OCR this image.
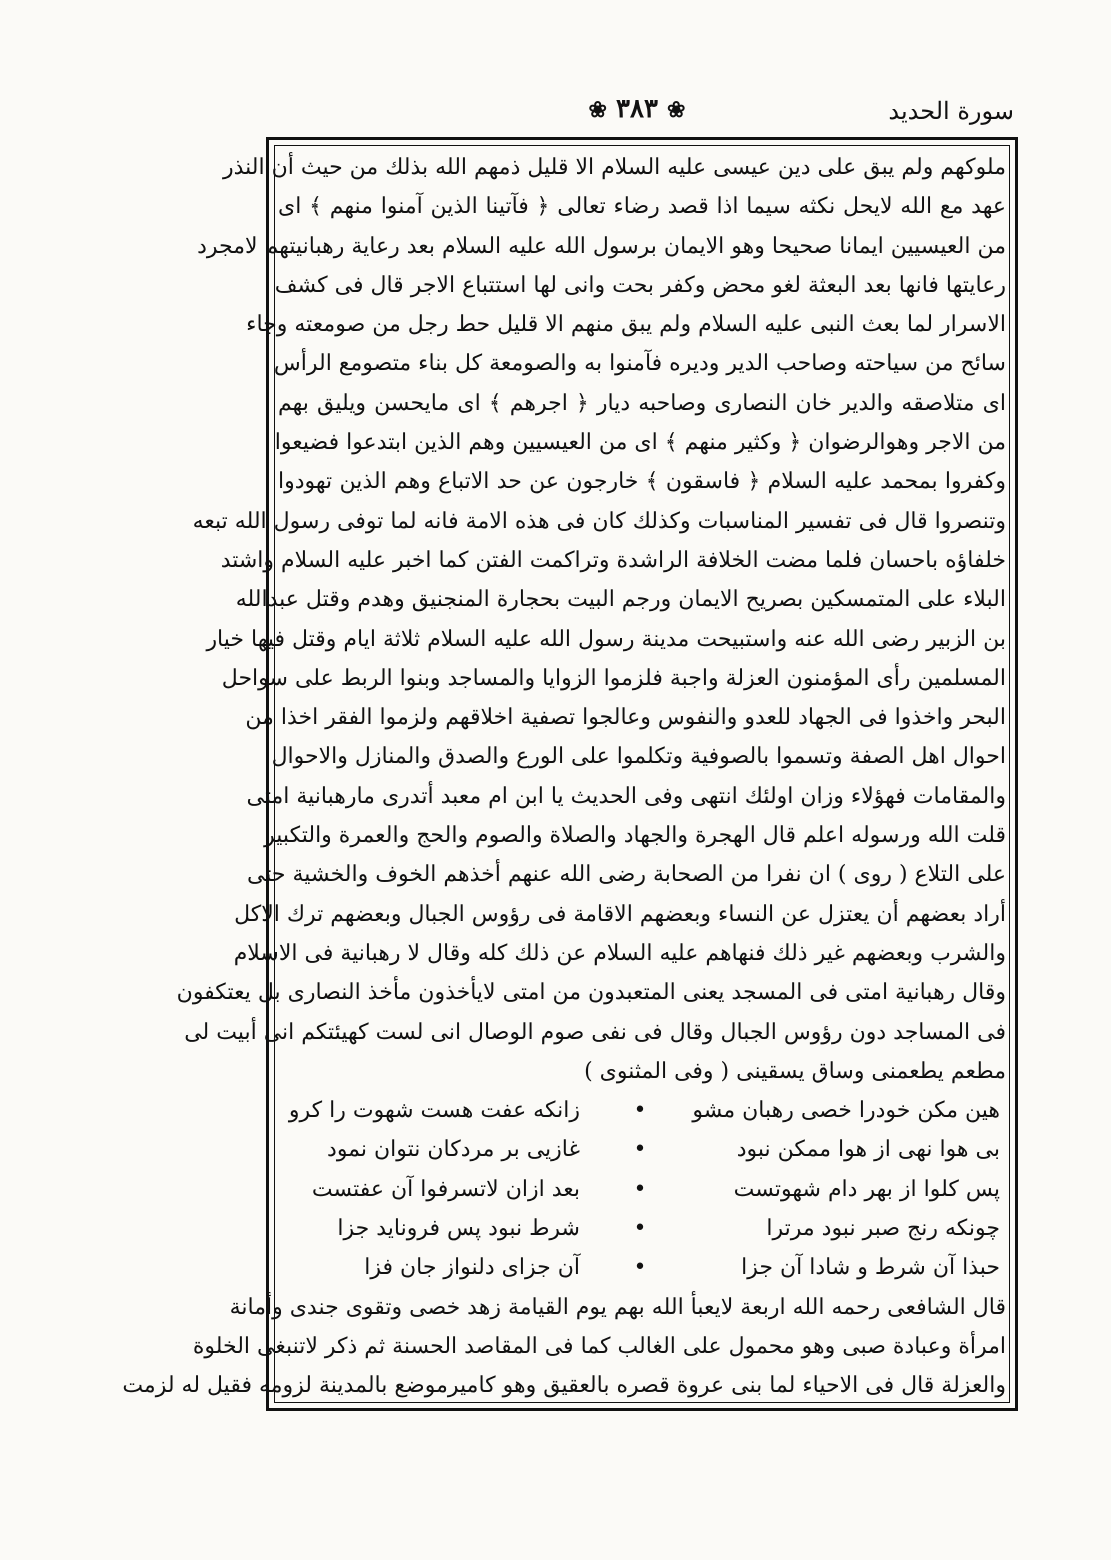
سورة الحديد
❀ ٣٨٣ ❀
ملوكهم ولم يبق على دين عيسى عليه السلام الا قليل ذمهم الله بذلك من حيث أن النذر
عهد مع الله لايحل نكثه سيما اذا قصد رضاء تعالى ﴿ فآتينا الذين آمنوا منهم ﴾ اى
من العيسيين ايمانا صحيحا وهو الايمان برسول الله عليه السلام بعد رعاية رهبانيتهم لامجرد
رعايتها فانها بعد البعثة لغو محض وكفر بحت وانى لها استتباع الاجر قال فى كشف
الاسرار لما بعث النبى عليه السلام ولم يبق منهم الا قليل حط رجل من صومعته وجاء
سائح من سياحته وصاحب الدير وديره فآمنوا به والصومعة كل بناء متصومع الرأس
اى متلاصقه والدير خان النصارى وصاحبه ديار ﴿ اجرهم ﴾ اى مايحسن ويليق بهم
من الاجر وهوالرضوان ﴿ وكثير منهم ﴾ اى من العيسيين وهم الذين ابتدعوا فضيعوا
وكفروا بمحمد عليه السلام ﴿ فاسقون ﴾ خارجون عن حد الاتباع وهم الذين تهودوا
وتنصروا قال فى تفسير المناسبات وكذلك كان فى هذه الامة فانه لما توفى رسول الله تبعه
خلفاؤه باحسان فلما مضت الخلافة الراشدة وتراكمت الفتن كما اخبر عليه السلام واشتد
البلاء على المتمسكين بصريح الايمان ورجم البيت بحجارة المنجنيق وهدم وقتل عبدالله
بن الزبير رضى الله عنه واستبيحت مدينة رسول الله عليه السلام ثلاثة ايام وقتل فيها خيار
المسلمين رأى المؤمنون العزلة واجبة فلزموا الزوايا والمساجد وبنوا الربط على سواحل
البحر واخذوا فى الجهاد للعدو والنفوس وعالجوا تصفية اخلاقهم ولزموا الفقر اخذا من
احوال اهل الصفة وتسموا بالصوفية وتكلموا على الورع والصدق والمنازل والاحوال
والمقامات فهؤلاء وزان اولئك انتهى وفى الحديث يا ابن ام معبد أتدرى مارهبانية امتى
قلت الله ورسوله اعلم قال الهجرة والجهاد والصلاة والصوم والحج والعمرة والتكبير
على التلاع ( روى ) ان نفرا من الصحابة رضى الله عنهم أخذهم الخوف والخشية حتى
أراد بعضهم أن يعتزل عن النساء وبعضهم الاقامة فى رؤوس الجبال وبعضهم ترك الاكل
والشرب وبعضهم غير ذلك فنهاهم عليه السلام عن ذلك كله وقال لا رهبانية فى الاسلام
وقال رهبانية امتى فى المسجد يعنى المتعبدون من امتى لايأخذون مأخذ النصارى بل يعتكفون
فى المساجد دون رؤوس الجبال وقال فى نفى صوم الوصال انى لست كهيئتكم انى أبيت لى
مطعم يطعمنى وساق يسقينى ( وفى المثنوى )
هين مكن خودرا خصى رهبان مشو
•
زانكه عفت هست شهوت را كرو
بى هوا نهى از هوا ممكن نبود
•
غازيى بر مردكان نتوان نمود
پس كلوا از بهر دام شهوتست
•
بعد ازان لاتسرفوا آن عفتست
چونكه رنج صبر نبود مرترا
•
شرط نبود پس فرونايد جزا
حبذا آن شرط و شادا آن جزا
•
آن جزاى دلنواز جان فزا
قال الشافعى رحمه الله اربعة لايعبأ الله بهم يوم القيامة زهد خصى وتقوى جندى وأمانة
امرأة وعبادة صبى وهو محمول على الغالب كما فى المقاصد الحسنة ثم ذكر لاتنبغى الخلوة
والعزلة قال فى الاحياء لما بنى عروة قصره بالعقيق وهو كاميرموضع بالمدينة لزومه فقيل له لزمت
